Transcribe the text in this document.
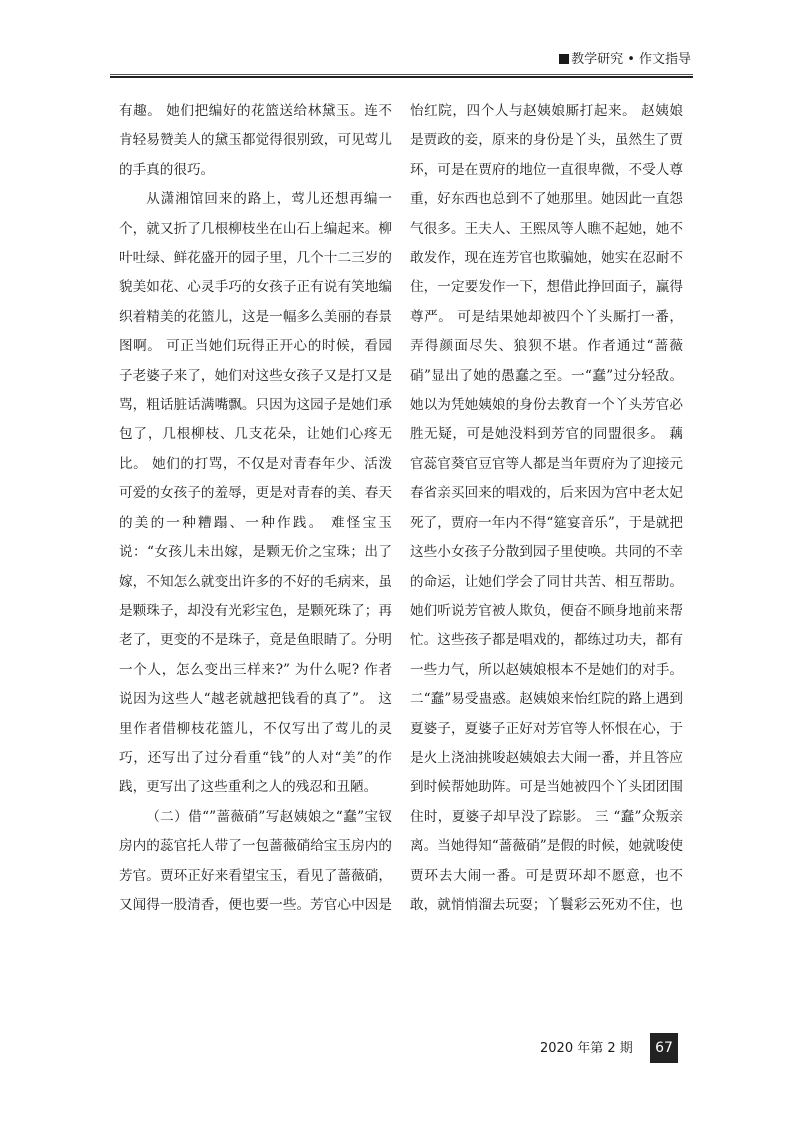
教学研究 • 作文指导

有趣。 她们把编好的花篮送给林黛玉。连不肯轻易赞美人的黛玉都觉得很别致，可见莺儿的手真的很巧。

从潇湘馆回来的路上，莺儿还想再编一个，就又折了几根柳枝坐在山石上编起来。柳叶吐绿、鲜花盛开的园子里，几个十二三岁的貌美如花、心灵手巧的女孩子正有说有笑地编织着精美的花篮儿，这是一幅多么美丽的春景图啊。 可正当她们玩得正开心的时候，看园子老婆子来了，她们对这些女孩子又是打又是骂，粗话脏话满嘴飘。只因为这园子是她们承包了，几根柳枝、几支花朵，让她们心疼无比。 她们的打骂，不仅是对青春年少、活泼可爱的女孩子的羞辱，更是对青春的美、春天的美的一种糟蹋、一种作践。 难怪宝玉说：“女孩儿未出嫁，是颗无价之宝珠；出了嫁，不知怎么就变出许多的不好的毛病来，虽是颗珠子，却没有光彩宝色，是颗死珠了；再老了，更变的不是珠子，竟是鱼眼睛了。分明一个人，怎么变出三样来?” 为什么呢? 作者说因为这些人“越老就越把钱看的真了”。 这里作者借柳枝花篮儿，不仅写出了莺儿的灵巧，还写出了过分看重“钱”的人对“美”的作践，更写出了这些重利之人的残忍和丑陋。

（二）借“”蔷薇硝”写赵姨娘之“蠢”宝钗房内的蕊官托人带了一包蔷薇硝给宝玉房内的芳官。贾环正好来看望宝玉，看见了蔷薇硝，又闻得一股清香，便也要一些。芳官心中因是

怡红院，四个人与赵姨娘厮打起来。 赵姨娘是贾政的妾，原来的身份是丫头，虽然生了贾环，可是在贾府的地位一直很卑微，不受人尊重，好东西也总到不了她那里。她因此一直怨气很多。王夫人、王熙凤等人瞧不起她，她不敢发作，现在连芳官也欺骗她，她实在忍耐不住，一定要发作一下，想借此挣回面子，赢得尊严。 可是结果她却被四个丫头厮打一番，弄得颜面尽失、狼狈不堪。作者通过“蔷薇硝”显出了她的愚蠢之至。一“蠢”过分轻敌。她以为凭她姨娘的身份去教育一个丫头芳官必胜无疑，可是她没料到芳官的同盟很多。 藕官蕊官葵官豆官等人都是当年贾府为了迎接元春省亲买回来的唱戏的，后来因为宫中老太妃死了，贾府一年内不得“筵宴音乐”，于是就把这些小女孩子分散到园子里使唤。共同的不幸的命运，让她们学会了同甘共苦、相互帮助。她们听说芳官被人欺负，便奋不顾身地前来帮忙。这些孩子都是唱戏的，都练过功夫，都有一些力气，所以赵姨娘根本不是她们的对手。 二“蠢”易受蛊惑。赵姨娘来怡红院的路上遇到夏婆子，夏婆子正好对芳官等人怀恨在心，于是火上浇油挑唆赵姨娘去大闹一番，并且答应到时候帮她助阵。可是当她被四个丫头团团围住时，夏婆子却早没了踪影。 三 “蠢”众叛亲离。当她得知“蔷薇硝”是假的时候，她就唆使贾环去大闹一番。可是贾环却不愿意，也不敢，就悄悄溜去玩耍；丫鬟彩云死劝不住，也

2020 年第 2 期	67
